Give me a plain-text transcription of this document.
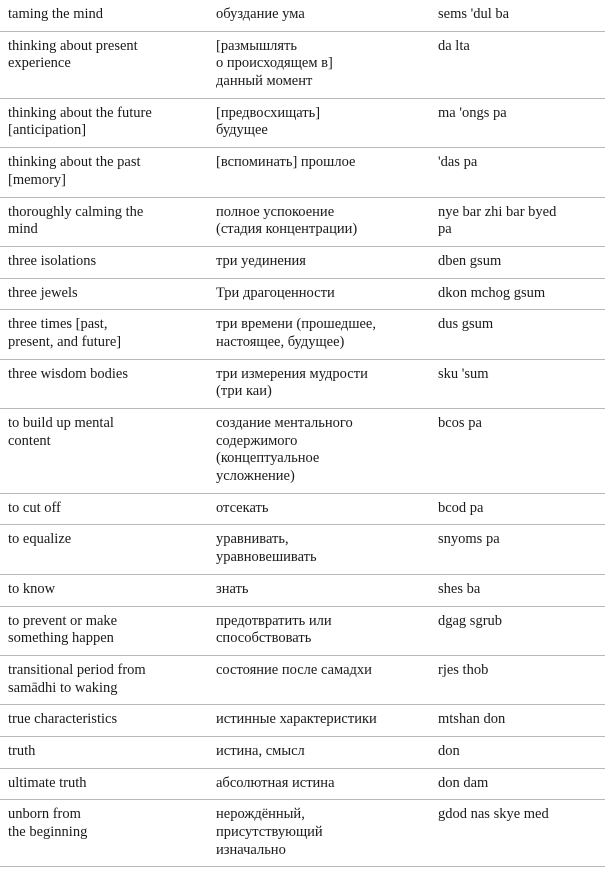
taming the mind	обуздание ума	sems 'dul ba

thinking about present
experience	[размышлять
о происходящем в]
данный момент	da lta

thinking about the future
[anticipation]	[предвосхищать]
будущее	ma 'ongs pa

thinking about the past
[memory]	[вспоминать] прошлое	'das pa

thoroughly calming the
mind	полное успокоение
(стадия концентрации)	nye bar zhi bar byed
pa

three isolations	три уединения	dben gsum

three jewels	Три драгоценности	dkon mchog gsum

three times [past,
present, and future]	три времени (прошедшее,
настоящее, будущее)	dus gsum

three wisdom bodies	три измерения мудрости
(три каи)	sku 'sum

to build up mental
content	создание ментального
содержимого
(концептуальное
усложнение)	bcos pa

to cut off	отсекать	bcod pa

to equalize	уравнивать,
уравновешивать	snyoms pa

to know	знать	shes ba

to prevent or make
something happen	предотвратить или
способствовать	dgag sgrub

transitional period from
samādhi to waking	состояние после самадхи	rjes thob

true characteristics	истинные характеристики	mtshan don

truth	истина, смысл	don

ultimate truth	абсолютная истина	don dam

unborn from
the beginning	нерождённый,
присутствующий
изначально	gdod nas skye med
